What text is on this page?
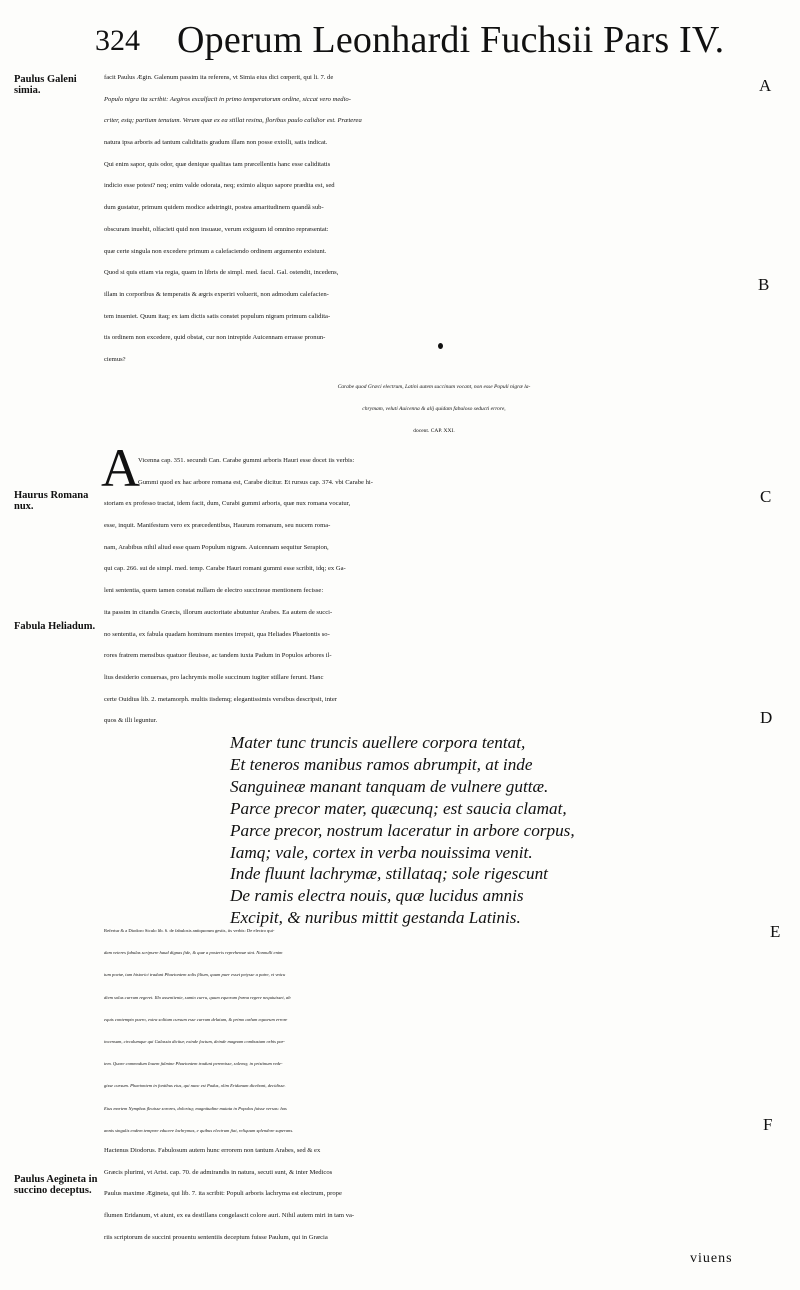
324 Operum Leonhardi Fuchsii Pars IV.
Paulus Galeni simia.
Haurus Romana nux.
Fabula Heliadum.
Paulus Aegineta in succino deceptus.
A
B
C
D
E
F
facit Paulus Ægin. Galenum passim ita referens, vt Simia eius dici cœperit, qui li. 7. de
Populo nigra ita scribit: Aegiros excalfacit in primo temperatorum ordine, siccat vero medio-
criter, estq; partium tenuium. Verum quæ ex ea stillat resina, floribus paulo calidior est. Præterea
natura ipsa arboris ad tantum caliditatis gradum illam non posse extolli, satis indicat.
Qui enim sapor, quis odor, quæ denique qualitas tam præcellentis hanc esse caliditatis
indicio esse potest? neq; enim valde odorata, neq; eximio aliquo sapore prædita est, sed
dum gustatur, primum quidem modice adstringit, postea amaritudinem quandã sub-
obscuram inuehit, olfacieti quid non insuaue, verum exiguum id omnino repræsentat:
quæ certe singula non excedere primum a calefaciendo ordinem argumento existunt.
Quod si quis etiam via regia, quam in libris de simpl. med. facul. Gal. ostendit, incedens,
illam in corporibus & temperatis & ægris experiri voluerit, non admodum calefacien-
tem inueniet. Quum itaq; ex iam dictis satis constet populum nigram primum calidita-
tis ordinem non excedere, quid obstat, cur non intrepide Auicennam errasse pronun-
ciemus?
Carabe quod Græci electrum, Latini autem succinum vocant, non esse Populi nigræ la-
chrymam, veluti Auicenna & alij quidam fabuloso seducti errore,
docent. CAP. XXI.
A
Vicenna cap. 351. secundi Can. Carabe gummi arboris Hauri esse docet iis verbis:
Gummi quod ex hac arbore romana est, Carabe dicitur. Et rursus cap. 374. vbi Carabe hi-
storiam ex professo tractat, idem facit, dum, Curabi gummi arboris, quæ nux romana vocatur,
esse, inquit. Manifestum vero ex præcedentibus, Haurum romanum, seu nucem roma-
nam, Arabibus nihil aliud esse quam Populum nigram. Auicennam sequitur Serapion,
qui cap. 266. sui de simpl. med. temp. Carabe Hauri romani gummi esse scribit, idq; ex Ga-
leni sententia, quem tamen constat nullam de electro succinoue mentionem fecisse:
ita passim in citandis Græcis, illorum auctoritate abutuntur Arabes. Ea autem de succi-
no sententia, ex fabula quadam hominum mentes irrepsit, qua Heliades Phaetontis so-
rores fratrem mensibus quatuor fleuisse, ac tandem iuxta Padum in Populos arbores il-
lius desiderio conuersas, pro lachrymis molle succinum iugiter stillare ferunt. Hanc
certe Ouidius lib. 2. metamorph. multis iisdemq; elegantissimis versibus descripsit, inter
quos & illi leguntur.
Mater tunc truncis auellere corpora tentat,
Et teneros manibus ramos abrumpit, at inde
Sanguineæ manant tanquam de vulnere guttæ.
Parce precor mater, quæcunq; est saucia clamat,
Parce precor, nostrum laceratur in arbore corpus,
Iamq; vale, cortex in verba nouissima venit.
Inde fluunt lachrymæ, stillataq; sole rigescunt
De ramis electra nouis, quæ lucidus amnis
Excipit, & nuribus mittit gestanda Latinis.
Refertur & a Diodoro Siculo lib. 6. de fabulosis antiquorum gestis, iis verbis: De electro qui-
dam veteres fabulas scripsere haud dignas fide, & quæ a posteris reprehensæ sint. Nonnulli enim
tum poetæ, tum historici tradunt Phaetontem solis filium, quum puer esset petysse a patre, vt vnicu
diem solus currum regeret. Illo assentiente, sumto curru, quum equorum fræna regere nequiuisset, ab
equis contempto puero, extra solitum cursum esse currum delatum, & primo cœlum equorum errore
incensum, circulumque qui Galassia dicitur, exinde factum, deinde magnam combustam orbis par-
tem. Quare commodum Iouem fulmine Phaetontem tradunt peremisse, solemq; in pristinum rede-
gisse cursum. Phaetontem in fontibus eius, qui nunc est Padus, olim Eridanum dicebant, decidisse.
Eius mortem Nymphas fleuisse sorores, dolorisq; magnitudine mutata in Populos fuisse versas: has
annis singulis eodem tempore educere lachrymas, e quibus electrum fiat, reliquum splendore superans.
Hactenus Diodorus. Fabulosum autem hunc errorem non tantum Arabes, sed & ex
Græcis plurimi, vt Arist. cap. 70. de admirandis in natura, secuti sunt, & inter Medicos
Paulus maxime Ægineta, qui lib. 7. ita scribit: Populi arboris lachryma est electrum, prope
flumen Eridanum, vt aiunt, ex ea destillans congelascit colore auri. Nihil autem miri in tam va-
riis scriptorum de succini prouentu sententiis deceptum fuisse Paulum, qui in Græcia
viuens
